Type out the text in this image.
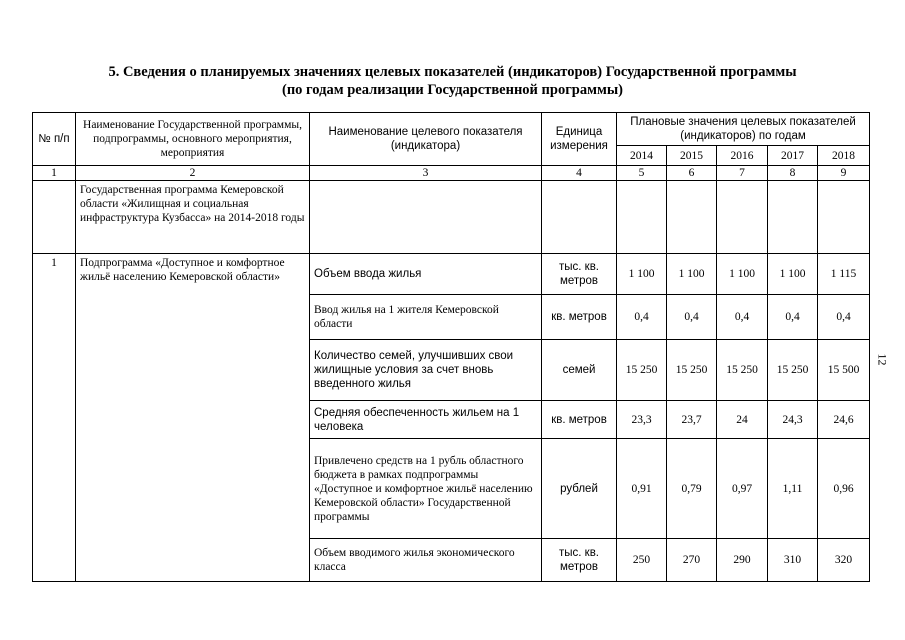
5. Сведения о планируемых значениях целевых показателей (индикаторов) Государственной программы
(по годам реализации Государственной программы)
12
№ п/п	Наименование Государственной программы, подпрограммы, основного мероприятия, мероприятия	Наименование целевого показателя (индикатора)	Единица измерения	Плановые значения целевых показателей (индикаторов) по годам				
				2014	2015	2016	2017	2018
1	2	3	4	5	6	7	8	9
	Государственная программа Кемеровской области «Жилищная и социальная инфраструктура Кузбасса» на 2014-2018 годы							
1	Подпрограмма «Доступное и комфортное жильё населению Кемеровской области»	Объем ввода жилья	тыс. кв. метров	1 100	1 100	1 100	1 100	1 115
		Ввод жилья на 1 жителя Кемеровской области	кв. метров	0,4	0,4	0,4	0,4	0,4
		Количество семей, улучшивших свои жилищные условия за счет вновь введенного жилья	семей	15 250	15 250	15 250	15 250	15 500
		Средняя обеспеченность жильем на 1 человека	кв. метров	23,3	23,7	24	24,3	24,6
		Привлечено средств на 1 рубль областного бюджета в рамках подпрограммы «Доступное и комфортное жильё населению Кемеровской области» Государственной программы	рублей	0,91	0,79	0,97	1,11	0,96
		Объем вводимого жилья экономического класса	тыс. кв. метров	250	270	290	310	320
